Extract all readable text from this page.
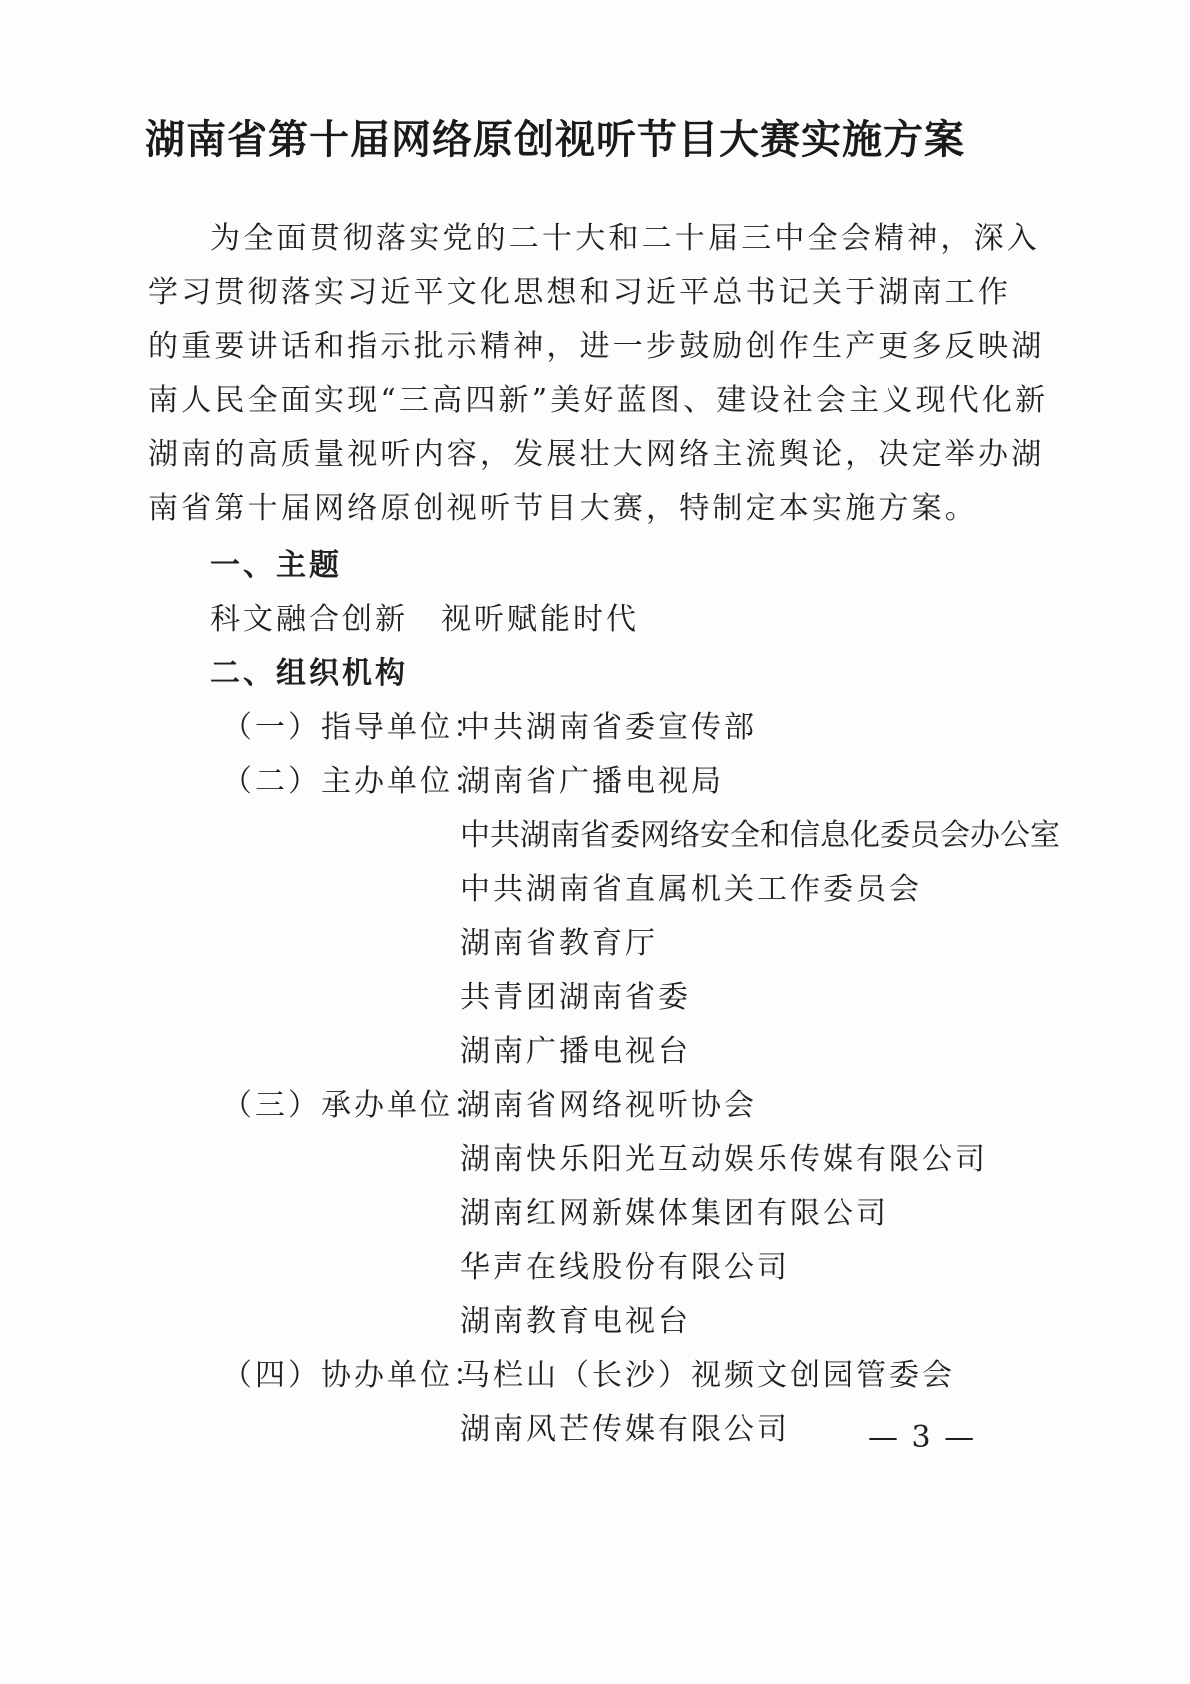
湖南省第十届网络原创视听节目大赛实施方案
为全面贯彻落实党的二十大和二十届三中全会精神，深入
学习贯彻落实习近平文化思想和习近平总书记关于湖南工作
的重要讲话和指示批示精神，进一步鼓励创作生产更多反映湖
南人民全面实现“三高四新”美好蓝图、建设社会主义现代化新
湖南的高质量视听内容，发展壮大网络主流舆论，决定举办湖
南省第十届网络原创视听节目大赛，特制定本实施方案。
一、主题
科文融合创新　视听赋能时代
二、组织机构
（一）指导单位：
中共湖南省委宣传部
（二）主办单位：
湖南省广播电视局
中共湖南省委网络安全和信息化委员会办公室
中共湖南省直属机关工作委员会
湖南省教育厅
共青团湖南省委
湖南广播电视台
（三）承办单位：
湖南省网络视听协会
湖南快乐阳光互动娱乐传媒有限公司
湖南红网新媒体集团有限公司
华声在线股份有限公司
湖南教育电视台
（四）协办单位：
马栏山（长沙）视频文创园管委会
湖南风芒传媒有限公司	— 3 —
